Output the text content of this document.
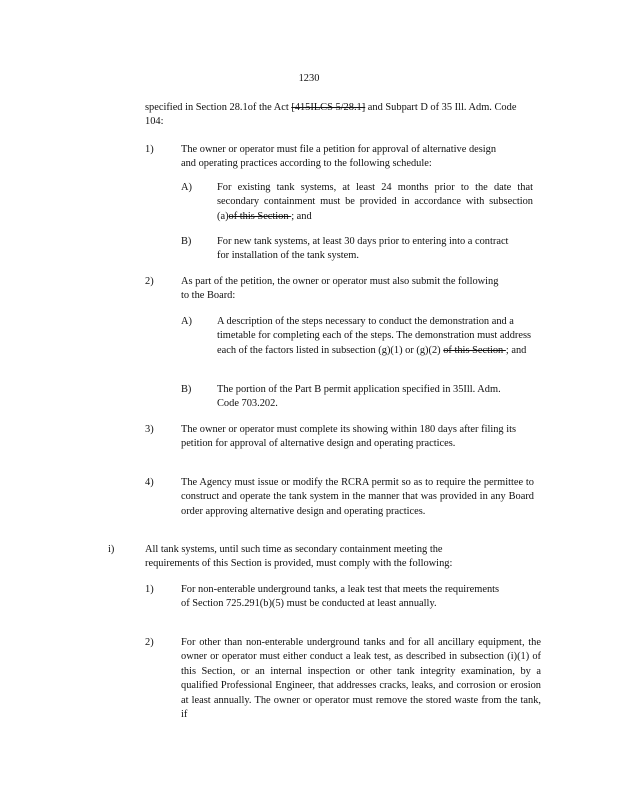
1230

specified in Section 28.1of the Act [415ILCS 5/28.1] and Subpart D of 35 Ill. Adm. Code 104:

1)	The owner or operator must file a petition for approval of alternative design and operating practices according to the following schedule:

A) For existing tank systems, at least 24 months prior to the date that secondary containment must be provided in accordance with subsection (a)of this Section ; and

B) For new tank systems, at least 30 days prior to entering into a contract for installation of the tank system.

2)	As part of the petition, the owner or operator must also submit the following to the Board:

A) A description of the steps necessary to conduct the demonstration and a timetable for completing each of the steps. The demonstration must address each of the factors listed in subsection (g)(1) or (g)(2) of this Section ; and

B) The portion of the Part B permit application specified in 35Ill. Adm. Code 703.202.

3)	The owner or operator must complete its showing within 180 days after filing its petition for approval of alternative design and operating practices.

4)	The Agency must issue or modify the RCRA permit so as to require the permittee to construct and operate the tank system in the manner that was provided in any Board order approving alternative design and operating practices.

i)	All tank systems, until such time as secondary containment meeting the requirements of this Section is provided, must comply with the following:

1)	For non-enterable underground tanks, a leak test that meets the requirements of Section 725.291(b)(5) must be conducted at least annually.

2)	For other than non-enterable underground tanks and for all ancillary equipment, the owner or operator must either conduct a leak test, as described in subsection (i)(1) of this Section, or an internal inspection or other tank integrity examination, by a qualified Professional Engineer, that addresses cracks, leaks, and corrosion or erosion at least annually. The owner or operator must remove the stored waste from the tank, if
